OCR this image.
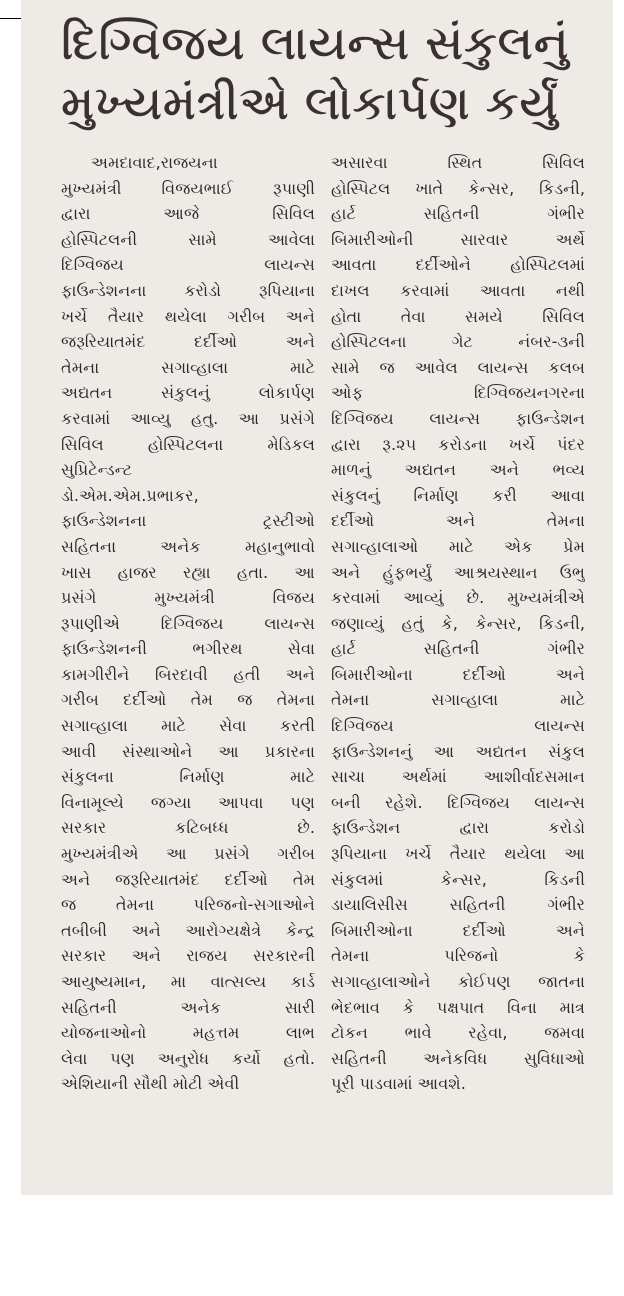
દિગ્વિજય લાયન્સ સંકુલનું
મુખ્યમંત્રીએ લોકાર્પણ કર્યું
અમદાવાદ,રાજયના
મુખ્યમંત્રી વિજયભાઈ રૂપાણી
દ્વારા આજે સિવિલ
હોસ્પિટલની સામે આવેલા
દિગ્વિજય લાયન્સ
ફાઉન્ડેશનના કરોડો રૂપિયાના
ખર્ચે તૈયાર થયેલા ગરીબ અને
જરૂરિયાતમંદ દર્દીઓ અને
તેમના સગાવ્હાલા માટે
અદ્યતન સંકુલનું લોકાર્પણ
કરવામાં આવ્યુ હતુ. આ પ્રસંગે
સિવિલ હોસ્પિટલના મેડિકલ
સુપ્રિટેન્ડન્ટ
ડો.એમ.એમ.પ્રભાકર,
ફાઉન્ડેશનના ટ્રસ્ટીઓ
સહિતના અનેક મહાનુભાવો
ખાસ હાજર રહ્યા હતા. આ
પ્રસંગે મુખ્યમંત્રી વિજય
રૂપાણીએ દિગ્વિજય લાયન્સ
ફાઉન્ડેશનની ભગીરથ સેવા
કામગીરીને બિરદાવી હતી અને
ગરીબ દર્દીઓ તેમ જ તેમના
સગાવ્હાલા માટે સેવા કરતી
આવી સંસ્થાઓને આ પ્રકારના
સંકુલના નિર્માણ માટે
વિનામૂલ્યે જગ્યા આપવા પણ
સરકાર કટિબધ્ધ છે.
મુખ્યમંત્રીએ આ પ્રસંગે ગરીબ
અને જરૂરિયાતમંદ દર્દીઓ તેમ
જ તેમના પરિજનો-સગાઓને
તબીબી અને આરોગ્યક્ષેત્રે કેન્દ્ર
સરકાર અને રાજય સરકારની
આયુષ્યમાન, મા વાત્સલ્ય કાર્ડ
સહિતની અનેક સારી
યોજનાઓનો મહત્તમ લાભ
લેવા પણ અનુરોધ કર્યો હતો.
એશિયાની સૌથી મોટી એવી
અસારવા સ્થિત સિવિલ
હોસ્પિટલ ખાતે કેન્સર, કિડની,
હાર્ટ સહિતની ગંભીર
બિમારીઓની સારવાર અર્થે
આવતા દર્દીઓને હોસ્પિટલમાં
દાખલ કરવામાં આવતા નથી
હોતા તેવા સમયે સિવિલ
હોસ્પિટલના ગેટ નંબર-૩ની
સામે જ આવેલ લાયન્સ કલબ
ઓફ દિગ્વિજયનગરના
દિગ્વિજય લાયન્સ ફાઉન્ડેશન
દ્વારા રૂ.૨૫ કરોડના ખર્ચે પંદર
માળનું અદ્યતન અને ભવ્ય
સંકુલનું નિર્માણ કરી આવા
દર્દીઓ અને તેમના
સગાવ્હાલાઓ માટે એક પ્રેમ
અને હુંફભર્યું આશ્રયસ્થાન ઉભુ
કરવામાં આવ્યું છે. મુખ્યમંત્રીએ
જણાવ્યું હતું કે, કેન્સર, કિડની,
હાર્ટ સહિતની ગંભીર
બિમારીઓના દર્દીઓ અને
તેમના સગાવ્હાલા માટે
દિગ્વિજય લાયન્સ
ફાઉન્ડેશનનું આ અદ્યતન સંકુલ
સાચા અર્થમાં આશીર્વાદસમાન
બની રહેશે. દિગ્વિજય લાયન્સ
ફાઉન્ડેશન દ્વારા કરોડો
રૂપિયાના ખર્ચે તૈયાર થયેલા આ
સંકુલમાં કેન્સર, કિડની
ડાયાલિસીસ સહિતની ગંભીર
બિમારીઓના દર્દીઓ અને
તેમના પરિજનો કે
સગાવ્હાલાઓને કોઈપણ જાતના
ભેદભાવ કે પક્ષપાત વિના માત્ર
ટોકન ભાવે રહેવા, જમવા
સહિતની અનેકવિધ સુવિધાઓ
પૂરી પાડવામાં આવશે.
